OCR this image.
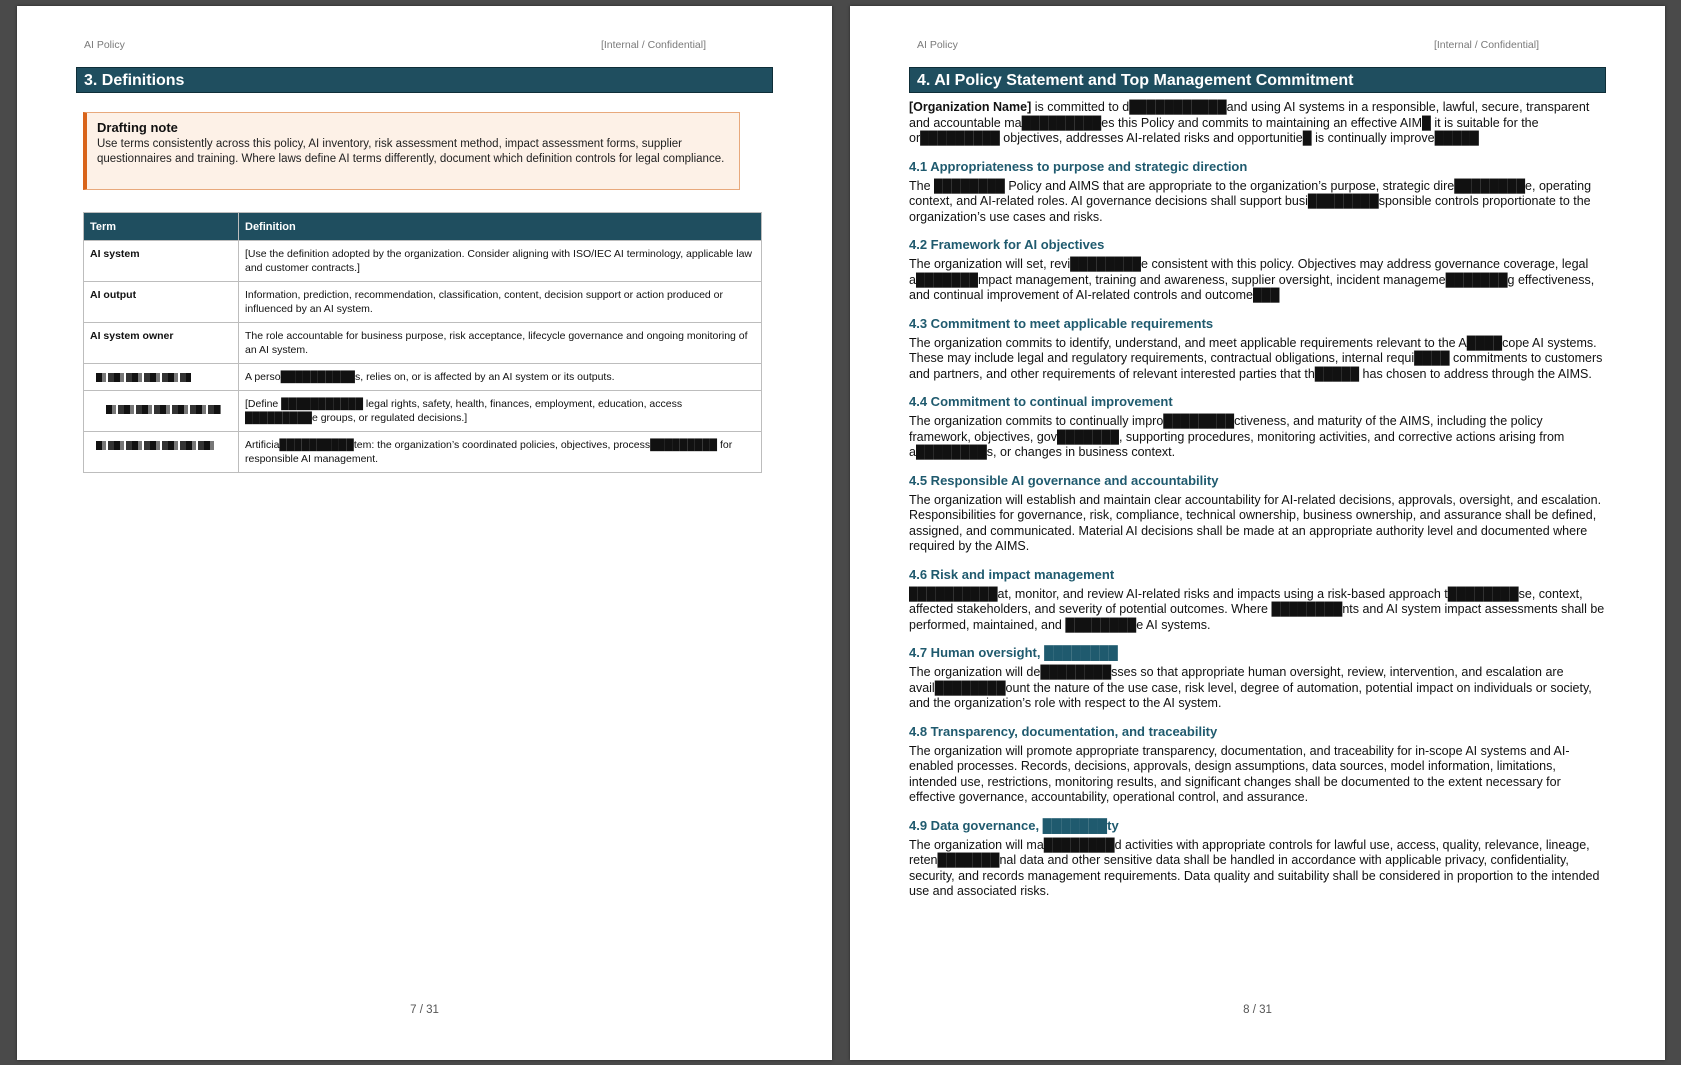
AI Policy	[Internal / Confidential]
3. Definitions
Drafting note
Use terms consistently across this policy, AI inventory, risk assessment method, impact assessment forms, supplier questionnaires and training. Where laws define AI terms differently, document which definition controls for legal compliance.
Term	Definition
AI system	[Use the definition adopted by the organization. Consider aligning with ISO/IEC AI terminology, applicable law and customer contracts.]
AI output	Information, prediction, recommendation, classification, content, decision support or action produced or influenced by an AI system.
AI system owner	The role accountable for business purpose, risk acceptance, lifecycle governance and ongoing monitoring of an AI system.
	A perso██████████s, relies on, or is affected by an AI system or its outputs.
	[Define ███████████ legal rights, safety, health, finances, employment, education, access █████████e groups, or regulated decisions.]
	Artificia██████████tem: the organization’s coordinated policies, objectives, process█████████ for responsible AI management.
7 / 31
AI Policy	[Internal / Confidential]
4. AI Policy Statement and Top Management Commitment

[Organization Name] is committed to d███████████and using AI systems in a responsible, lawful, secure, transparent and accountable ma█████████es this Policy and commits to maintaining an effective AIM█ it is suitable for the or█████████ objectives, addresses AI-related risks and opportunitie█ is continually improve█████

4.1 Appropriateness to purpose and strategic direction

The ████████ Policy and AIMS that are appropriate to the organization’s purpose, strategic dire████████e, operating context, and AI-related roles. AI governance decisions shall support busi████████sponsible controls proportionate to the organization’s use cases and risks.

4.2 Framework for AI objectives

The organization will set, revi████████e consistent with this policy. Objectives may address governance coverage, legal a███████mpact management, training and awareness, supplier oversight, incident manageme███████g effectiveness, and continual improvement of AI-related controls and outcome███

4.3 Commitment to meet applicable requirements

The organization commits to identify, understand, and meet applicable requirements relevant to the A████cope AI systems. These may include legal and regulatory requirements, contractual obligations, internal requi████ commitments to customers and partners, and other requirements of relevant interested parties that th█████ has chosen to address through the AIMS.

4.4 Commitment to continual improvement

The organization commits to continually impro████████ctiveness, and maturity of the AIMS, including the policy framework, objectives, gov███████, supporting procedures, monitoring activities, and corrective actions arising from a████████s, or changes in business context.

4.5 Responsible AI governance and accountability

The organization will establish and maintain clear accountability for AI-related decisions, approvals, oversight, and escalation. Responsibilities for governance, risk, compliance, technical ownership, business ownership, and assurance shall be defined, assigned, and communicated. Material AI decisions shall be made at an appropriate authority level and documented where required by the AIMS.

4.6 Risk and impact management

██████████at, monitor, and review AI-related risks and impacts using a risk-based approach t████████se, context, affected stakeholders, and severity of potential outcomes. Where ████████nts and AI system impact assessments shall be performed, maintained, and ████████e AI systems.

4.7 Human oversight, ████████

The organization will de████████sses so that appropriate human oversight, review, intervention, and escalation are avail████████ount the nature of the use case, risk level, degree of automation, potential impact on individuals or society, and the organization’s role with respect to the AI system.

4.8 Transparency, documentation, and traceability

The organization will promote appropriate transparency, documentation, and traceability for in-scope AI systems and AI-enabled processes. Records, decisions, approvals, design assumptions, data sources, model information, limitations, intended use, restrictions, monitoring results, and significant changes shall be documented to the extent necessary for effective governance, accountability, operational control, and assurance.

4.9 Data governance, ███████ty

The organization will ma████████d activities with appropriate controls for lawful use, access, quality, relevance, lineage, reten███████nal data and other sensitive data shall be handled in accordance with applicable privacy, confidentiality, security, and records management requirements. Data quality and suitability shall be considered in proportion to the intended use and associated risks.

8 / 31
